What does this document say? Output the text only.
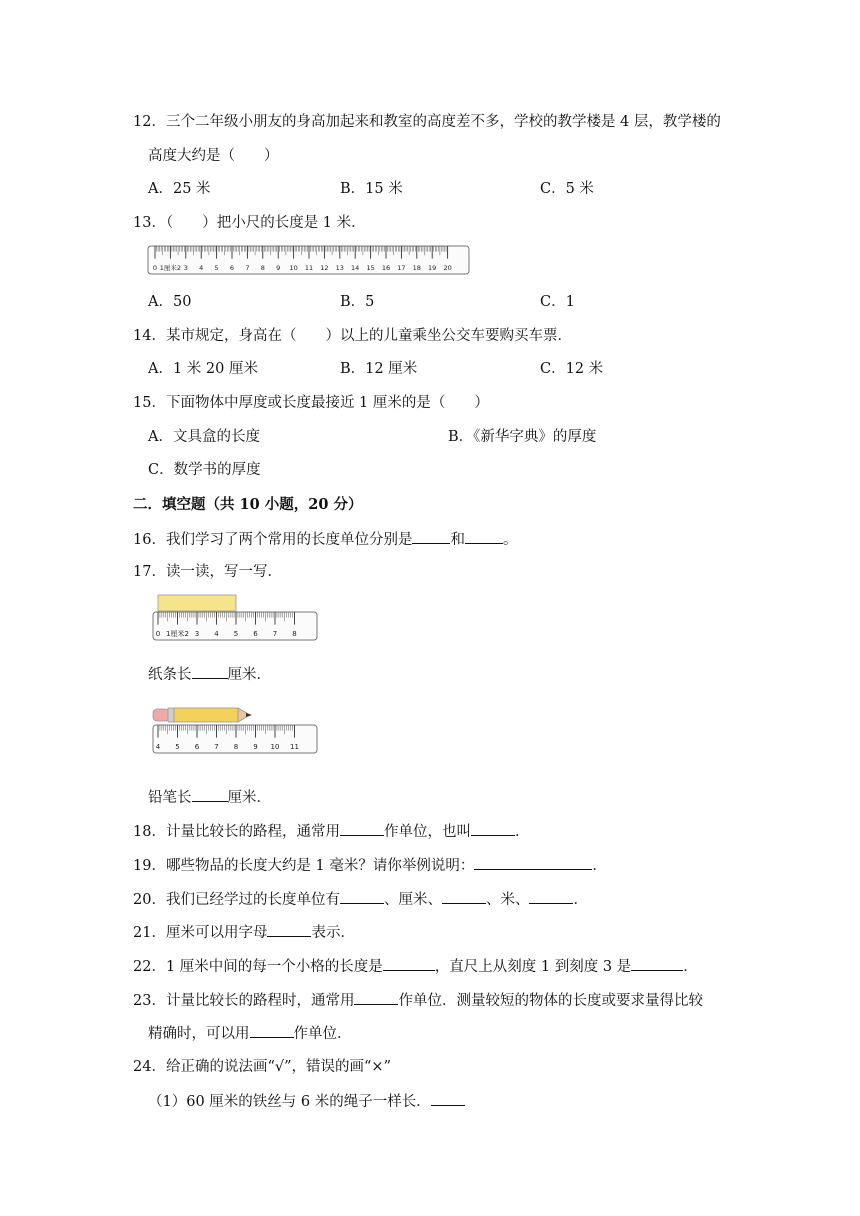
12．三个二年级小朋友的身高加起来和教室的高度差不多，学校的教学楼是 4 层，教学楼的
高度大约是（　　）
A．25 米	B．15 米	C．5 米
13．（　　）把小尺的长度是 1 米．
0 1厘米2 3 4 5 6 7 8 9 10 11 12 13 14 15 16 17 18 19 20
A．50	B．5	C．1
14．某市规定，身高在（　　）以上的儿童乘坐公交车要购买车票．
A．1 米 20 厘米	B．12 厘米	C．12 米
15．下面物体中厚度或长度最接近 1 厘米的是（　　）
A．文具盒的长度	B．《新华字典》的厚度
C．数学书的厚度
二．填空题（共 10 小题，20 分）
16．我们学习了两个常用的长度单位分别是	和	。
17．读一读，写一写．
0 1厘米2 3 4 5 6 7 8
纸条长 厘米．
4 5 6 7 8 9 10 11
铅笔长 厘米．
18．计量比较长的路程，通常用	作单位，也叫	．
19．哪些物品的长度大约是 1 毫米？请你举例说明：	．
20．我们已经学过的长度单位有	、厘米、	、米、	．
21．厘米可以用字母	表示．
22．1 厘米中间的每一个小格的长度是	，直尺上从刻度 1 到刻度 3 是	．
23．计量比较长的路程时，通常用	作单位．测量较短的物体的长度或要求量得比较
精确时，可以用	作单位．
24．给正确的说法画“√”，错误的画“×”
（1）60 厘米的铁丝与 6 米的绳子一样长．
